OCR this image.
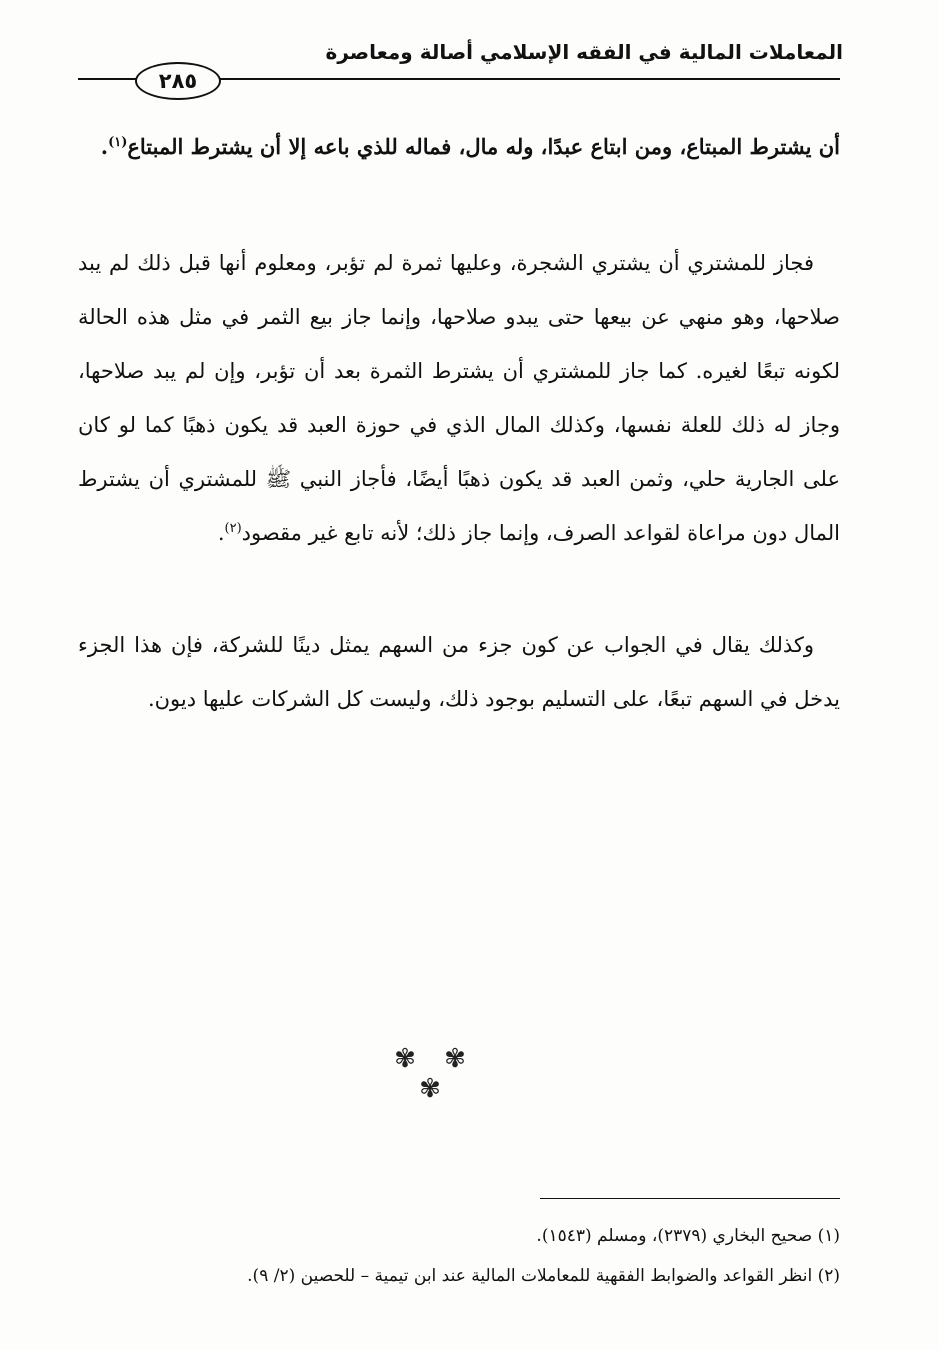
المعاملات المالية في الفقه الإسلامي أصالة ومعاصرة
٢٨٥
أن يشترط المبتاع، ومن ابتاع عبدًا، وله مال، فماله للذي باعه إلا أن يشترط المبتاع$^{(١)}$.
فجاز للمشتري أن يشتري الشجرة، وعليها ثمرة لم تؤبر، ومعلوم أنها قبل ذلك لم يبد صلاحها، وهو منهي عن بيعها حتى يبدو صلاحها، وإنما جاز بيع الثمر في مثل هذه الحالة لكونه تبعًا لغيره. كما جاز للمشتري أن يشترط الثمرة بعد أن تؤبر، وإن لم يبد صلاحها، وجاز له ذلك للعلة نفسها، وكذلك المال الذي في حوزة العبد قد يكون ذهبًا كما لو كان على الجارية حلي، وثمن العبد قد يكون ذهبًا أيضًا، فأجاز النبي ﷺ للمشتري أن يشترط المال دون مراعاة لقواعد الصرف، وإنما جاز ذلك؛ لأنه تابع غير مقصود$^{(٢)}$.
وكذلك يقال في الجواب عن كون جزء من السهم يمثل دينًا للشركة، فإن هذا الجزء يدخل في السهم تبعًا، على التسليم بوجود ذلك، وليست كل الشركات عليها ديون.
✾ ✾ ✾
(١) صحيح البخاري (٢٣٧٩)، ومسلم (١٥٤٣).
(٢) انظر القواعد والضوابط الفقهية للمعاملات المالية عند ابن تيمية – للحصين (٢/ ٩).
